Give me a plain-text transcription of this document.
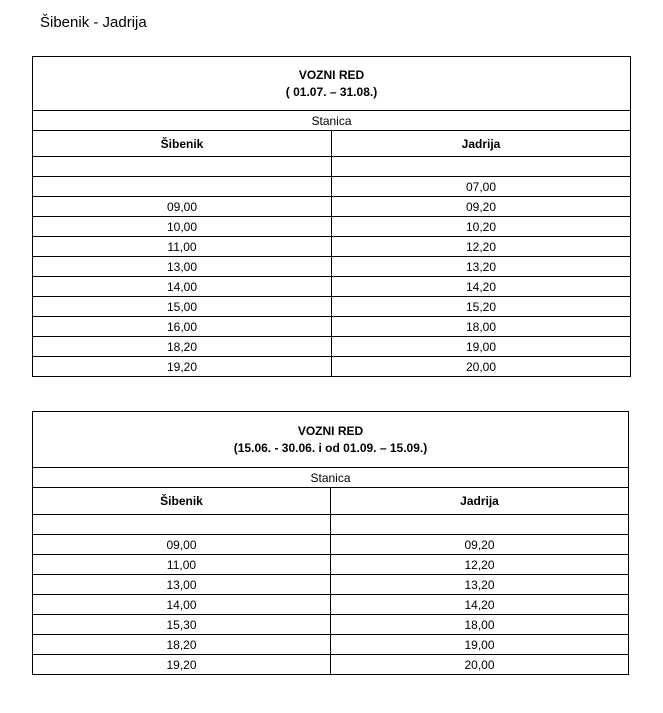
Šibenik - Jadrija
VOZNI RED
( 01.07. – 31.08.)	

Stanica	
Šibenik	Jadrija

	07,00
09,00	09,20
10,00	10,20
11,00	12,20
13,00	13,20
14,00	14,20
15,00	15,20
16,00	18,00
18,20	19,00
19,20	20,00
VOZNI RED
(15.06. - 30.06. i od 01.09. – 15.09.)	

Stanica	
Šibenik	Jadrija

09,00	09,20
11,00	12,20
13,00	13,20
14,00	14,20
15,30	18,00
18,20	19,00
19,20	20,00
